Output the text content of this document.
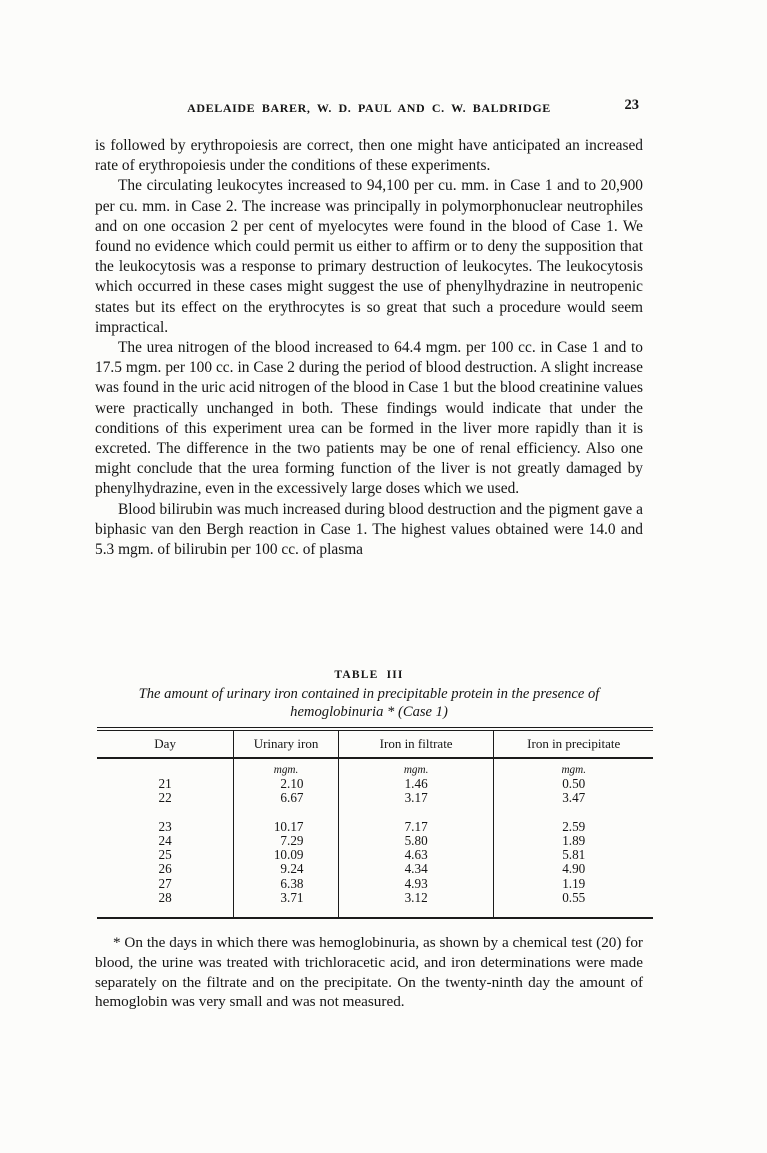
ADELAIDE BARER, W. D. PAUL AND C. W. BALDRIDGE	23

is followed by erythropoiesis are correct, then one might have anticipated an increased rate of erythropoiesis under the conditions of these experiments.

The circulating leukocytes increased to 94,100 per cu. mm. in Case 1 and to 20,900 per cu. mm. in Case 2. The increase was principally in polymorphonuclear neutrophiles and on one occasion 2 per cent of myelocytes were found in the blood of Case 1. We found no evidence which could permit us either to affirm or to deny the supposition that the leukocytosis was a response to primary destruction of leukocytes. The leukocytosis which occurred in these cases might suggest the use of phenylhydrazine in neutropenic states but its effect on the erythrocytes is so great that such a procedure would seem impractical.

The urea nitrogen of the blood increased to 64.4 mgm. per 100 cc. in Case 1 and to 17.5 mgm. per 100 cc. in Case 2 during the period of blood destruction. A slight increase was found in the uric acid nitrogen of the blood in Case 1 but the blood creatinine values were practically unchanged in both. These findings would indicate that under the conditions of this experiment urea can be formed in the liver more rapidly than it is excreted. The difference in the two patients may be one of renal efficiency. Also one might conclude that the urea forming function of the liver is not greatly damaged by phenylhydrazine, even in the excessively large doses which we used.

Blood bilirubin was much increased during blood destruction and the pigment gave a biphasic van den Bergh reaction in Case 1. The highest values obtained were 14.0 and 5.3 mgm. of bilirubin per 100 cc. of plasma

TABLE III
The amount of urinary iron contained in precipitable protein in the presence of
hemoglobinuria * (Case 1)
Day	Urinary iron	Iron in filtrate	Iron in precipitate
	mgm.	mgm.	mgm.
21	2.10	1.46	0.50
22	6.67	3.17	3.47

23	10.17	7.17	2.59
24	7.29	5.80	1.89
25	10.09	4.63	5.81
26	9.24	4.34	4.90
27	6.38	4.93	1.19
28	3.71	3.12	0.55
* On the days in which there was hemoglobinuria, as shown by a chemical test (20) for blood, the urine was treated with trichloracetic acid, and iron determinations were made separately on the filtrate and on the precipitate. On the twenty-ninth day the amount of hemoglobin was very small and was not measured.
